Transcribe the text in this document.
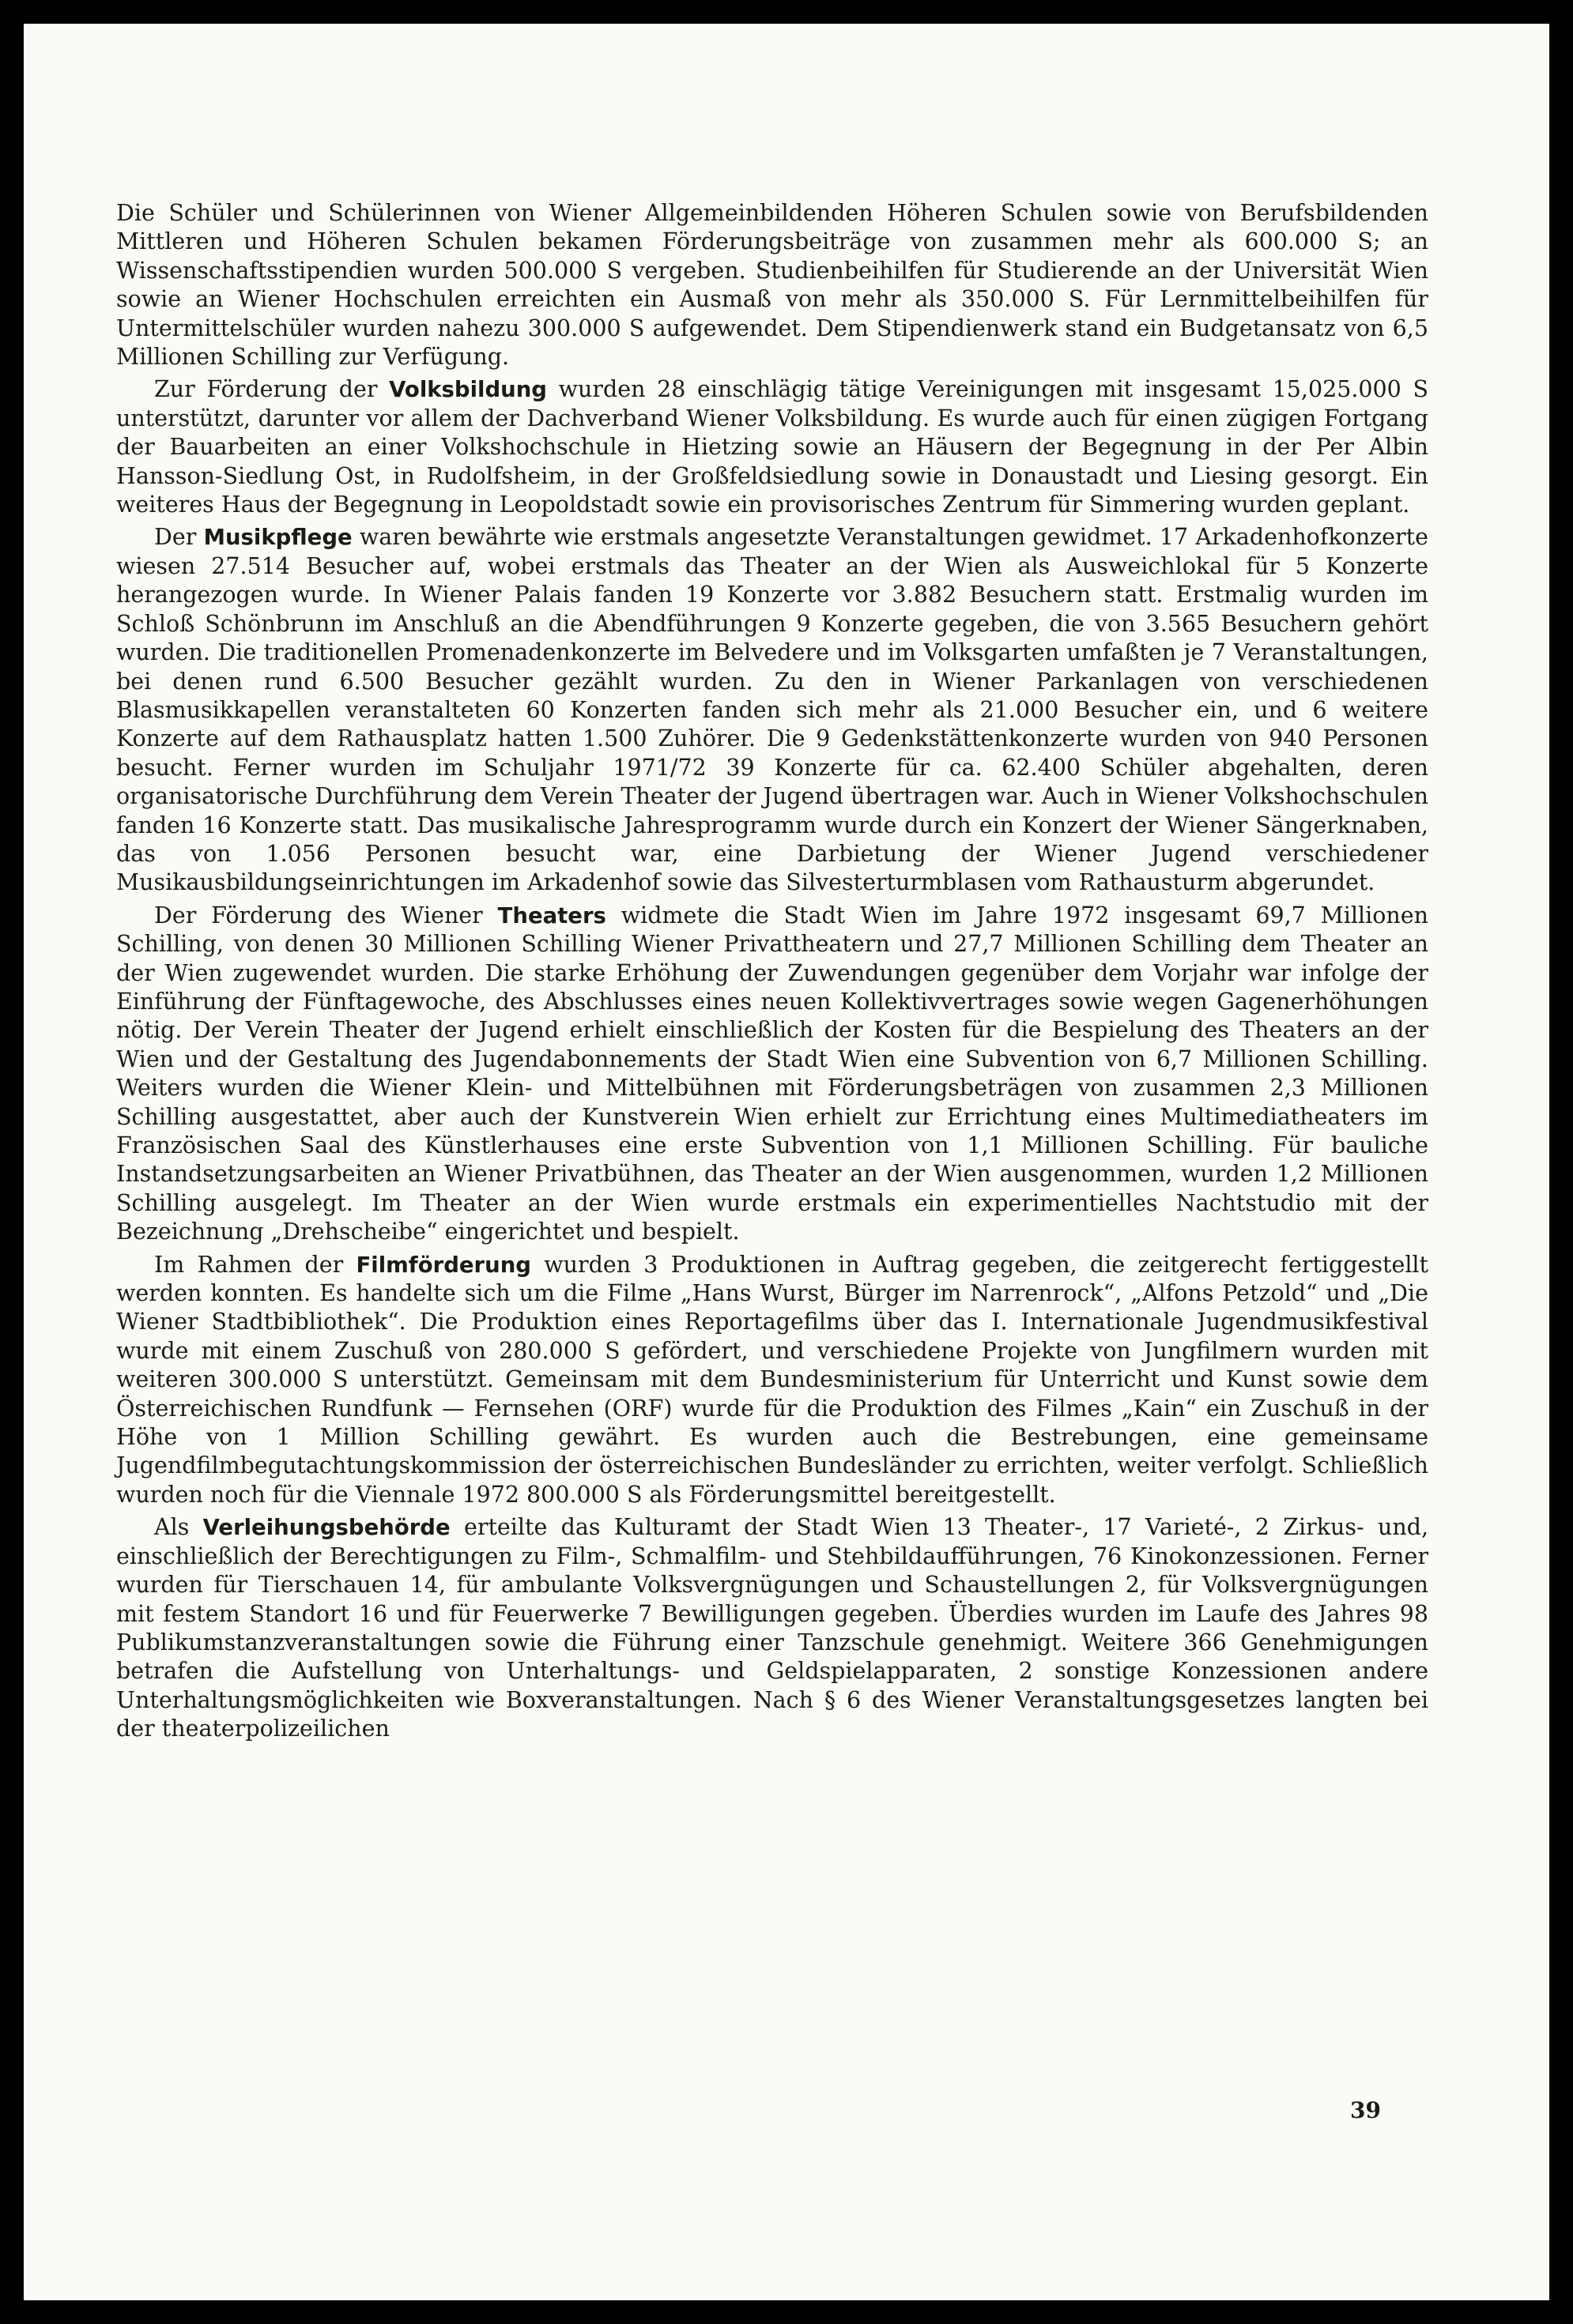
Die Schüler und Schülerinnen von Wiener Allgemeinbildenden Höheren Schulen sowie von Berufsbildenden Mittleren und Höheren Schulen bekamen Förderungsbeiträge von zusammen mehr als 600.000 S; an Wissenschaftsstipendien wurden 500.000 S vergeben. Studienbeihilfen für Studierende an der Universität Wien sowie an Wiener Hochschulen erreichten ein Ausmaß von mehr als 350.000 S. Für Lernmittelbeihilfen für Untermittelschüler wurden nahezu 300.000 S aufgewendet. Dem Stipendienwerk stand ein Budgetansatz von 6,5 Millionen Schilling zur Verfügung.

Zur Förderung der Volksbildung wurden 28 einschlägig tätige Vereinigungen mit insgesamt 15,025.000 S unterstützt, darunter vor allem der Dachverband Wiener Volksbildung. Es wurde auch für einen zügigen Fortgang der Bauarbeiten an einer Volkshochschule in Hietzing sowie an Häusern der Begegnung in der Per Albin Hansson-Siedlung Ost, in Rudolfsheim, in der Großfeldsiedlung sowie in Donaustadt und Liesing gesorgt. Ein weiteres Haus der Begegnung in Leopoldstadt sowie ein provisorisches Zentrum für Simmering wurden geplant.

Der Musikpflege waren bewährte wie erstmals angesetzte Veranstaltungen gewidmet. 17 Arkadenhofkonzerte wiesen 27.514 Besucher auf, wobei erstmals das Theater an der Wien als Ausweichlokal für 5 Konzerte herangezogen wurde. In Wiener Palais fanden 19 Konzerte vor 3.882 Besuchern statt. Erstmalig wurden im Schloß Schönbrunn im Anschluß an die Abendführungen 9 Konzerte gegeben, die von 3.565 Besuchern gehört wurden. Die traditionellen Promenadenkonzerte im Belvedere und im Volksgarten umfaßten je 7 Veranstaltungen, bei denen rund 6.500 Besucher gezählt wurden. Zu den in Wiener Parkanlagen von verschiedenen Blasmusikkapellen veranstalteten 60 Konzerten fanden sich mehr als 21.000 Besucher ein, und 6 weitere Konzerte auf dem Rathausplatz hatten 1.500 Zuhörer. Die 9 Gedenkstättenkonzerte wurden von 940 Personen besucht. Ferner wurden im Schuljahr 1971/72 39 Konzerte für ca. 62.400 Schüler abgehalten, deren organisatorische Durchführung dem Verein Theater der Jugend übertragen war. Auch in Wiener Volkshochschulen fanden 16 Konzerte statt. Das musikalische Jahresprogramm wurde durch ein Konzert der Wiener Sängerknaben, das von 1.056 Personen besucht war, eine Darbietung der Wiener Jugend verschiedener Musikausbildungseinrichtungen im Arkadenhof sowie das Silvesterturmblasen vom Rathausturm abgerundet.

Der Förderung des Wiener Theaters widmete die Stadt Wien im Jahre 1972 insgesamt 69,7 Millionen Schilling, von denen 30 Millionen Schilling Wiener Privattheatern und 27,7 Millionen Schilling dem Theater an der Wien zugewendet wurden. Die starke Erhöhung der Zuwendungen gegenüber dem Vorjahr war infolge der Einführung der Fünftagewoche, des Abschlusses eines neuen Kollektivvertrages sowie wegen Gagenerhöhungen nötig. Der Verein Theater der Jugend erhielt einschließlich der Kosten für die Bespielung des Theaters an der Wien und der Gestaltung des Jugendabonnements der Stadt Wien eine Subvention von 6,7 Millionen Schilling. Weiters wurden die Wiener Klein- und Mittelbühnen mit Förderungsbeträgen von zusammen 2,3 Millionen Schilling ausgestattet, aber auch der Kunstverein Wien erhielt zur Errichtung eines Multimediatheaters im Französischen Saal des Künstlerhauses eine erste Subvention von 1,1 Millionen Schilling. Für bauliche Instandsetzungsarbeiten an Wiener Privatbühnen, das Theater an der Wien ausgenommen, wurden 1,2 Millionen Schilling ausgelegt. Im Theater an der Wien wurde erstmals ein experimentielles Nachtstudio mit der Bezeichnung „Drehscheibe“ eingerichtet und bespielt.

Im Rahmen der Filmförderung wurden 3 Produktionen in Auftrag gegeben, die zeitgerecht fertiggestellt werden konnten. Es handelte sich um die Filme „Hans Wurst, Bürger im Narrenrock“, „Alfons Petzold“ und „Die Wiener Stadtbibliothek“. Die Produktion eines Reportagefilms über das I. Internationale Jugendmusikfestival wurde mit einem Zuschuß von 280.000 S gefördert, und verschiedene Projekte von Jungfilmern wurden mit weiteren 300.000 S unterstützt. Gemeinsam mit dem Bundesministerium für Unterricht und Kunst sowie dem Österreichischen Rundfunk — Fernsehen (ORF) wurde für die Produktion des Filmes „Kain“ ein Zuschuß in der Höhe von 1 Million Schilling gewährt. Es wurden auch die Bestrebungen, eine gemeinsame Jugendfilmbegutachtungskommission der österreichischen Bundesländer zu errichten, weiter verfolgt. Schließlich wurden noch für die Viennale 1972 800.000 S als Förderungsmittel bereitgestellt.

Als Verleihungsbehörde erteilte das Kulturamt der Stadt Wien 13 Theater-, 17 Varieté-, 2 Zirkus- und, einschließlich der Berechtigungen zu Film-, Schmalfilm- und Stehbildaufführungen, 76 Kinokonzessionen. Ferner wurden für Tierschauen 14, für ambulante Volksvergnügungen und Schaustellungen 2, für Volksvergnügungen mit festem Standort 16 und für Feuerwerke 7 Bewilligungen gegeben. Überdies wurden im Laufe des Jahres 98 Publikumstanzveranstaltungen sowie die Führung einer Tanzschule genehmigt. Weitere 366 Genehmigungen betrafen die Aufstellung von Unterhaltungs- und Geldspielapparaten, 2 sonstige Konzessionen andere Unterhaltungsmöglichkeiten wie Boxveranstaltungen. Nach § 6 des Wiener Veranstaltungsgesetzes langten bei der theaterpolizeilichen

39
